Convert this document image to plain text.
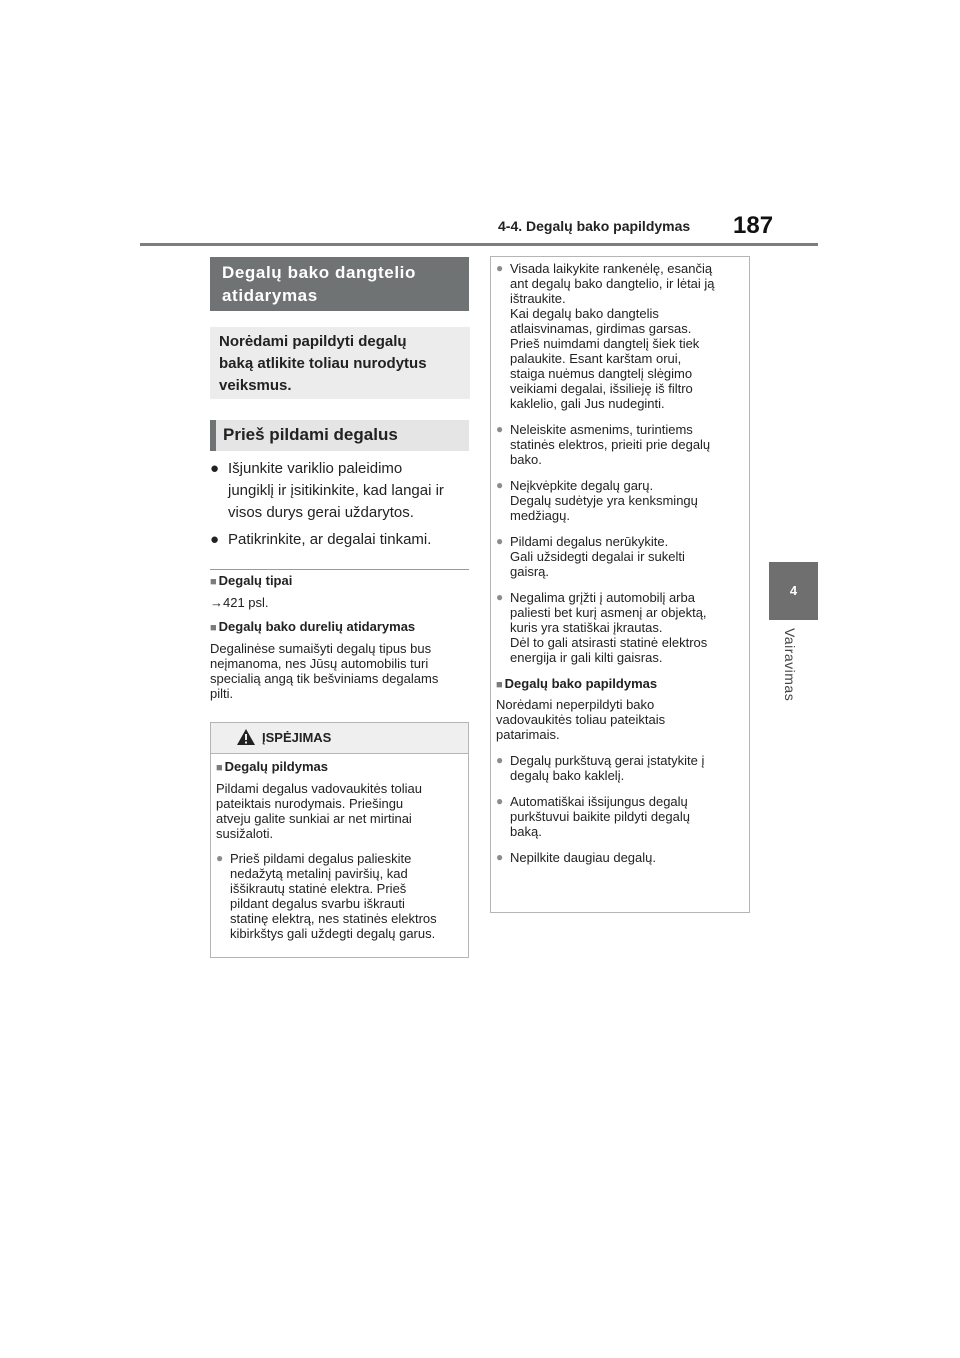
4-4. Degalų bako papildymas 187
4
Vairavimas
Degalų bako dangtelio
atidarymas
Norėdami papildyti degalų
baką atlikite toliau nurodytus
veiksmus.
Prieš pildami degalus
● Išjunkite variklio paleidimo
jungiklį ir įsitikinkite, kad langai ir
visos durys gerai uždarytos.
● Patikrinkite, ar degalai tinkami.
■ Degalų tipai
→421 psl.
■ Degalų bako durelių atidarymas
Degalinėse sumaišyti degalų tipus bus
neįmanoma, nes Jūsų automobilis turi
specialią angą tik bešviniams degalams
pilti.
ĮSPĖJIMAS
■ Degalų pildymas
Pildami degalus vadovaukitės toliau
pateiktais nurodymais. Priešingu
atveju galite sunkiai ar net mirtinai
susižaloti.
● Prieš pildami degalus palieskite
nedažytą metalinį paviršių, kad
iššikrautų statinė elektra. Prieš
pildant degalus svarbu iškrauti
statinę elektrą, nes statinės elektros
kibirkštys gali uždegti degalų garus.
● Visada laikykite rankenėlę, esančią
ant degalų bako dangtelio, ir lėtai ją
ištraukite.
Kai degalų bako dangtelis
atlaisvinamas, girdimas garsas.
Prieš nuimdami dangtelį šiek tiek
palaukite. Esant karštam orui,
staiga nuėmus dangtelį slėgimo
veikiami degalai, išsilieję iš filtro
kaklelio, gali Jus nudeginti.
● Neleiskite asmenims, turintiems
statinės elektros, prieiti prie degalų
bako.
● Neįkvėpkite degalų garų.
Degalų sudėtyje yra kenksmingų
medžiagų.
● Pildami degalus nerūkykite.
Gali užsidegti degalai ir sukelti
gaisrą.
● Negalima grįžti į automobilį arba
paliesti bet kurį asmenį ar objektą,
kuris yra statiškai įkrautas.
Dėl to gali atsirasti statinė elektros
energija ir gali kilti gaisras.
■ Degalų bako papildymas
Norėdami neperpildyti bako
vadovaukitės toliau pateiktais
patarimais.
● Degalų purkštuvą gerai įstatykite į
degalų bako kaklelį.
● Automatiškai išsijungus degalų
purkštuvui baikite pildyti degalų
baką.
● Nepilkite daugiau degalų.
